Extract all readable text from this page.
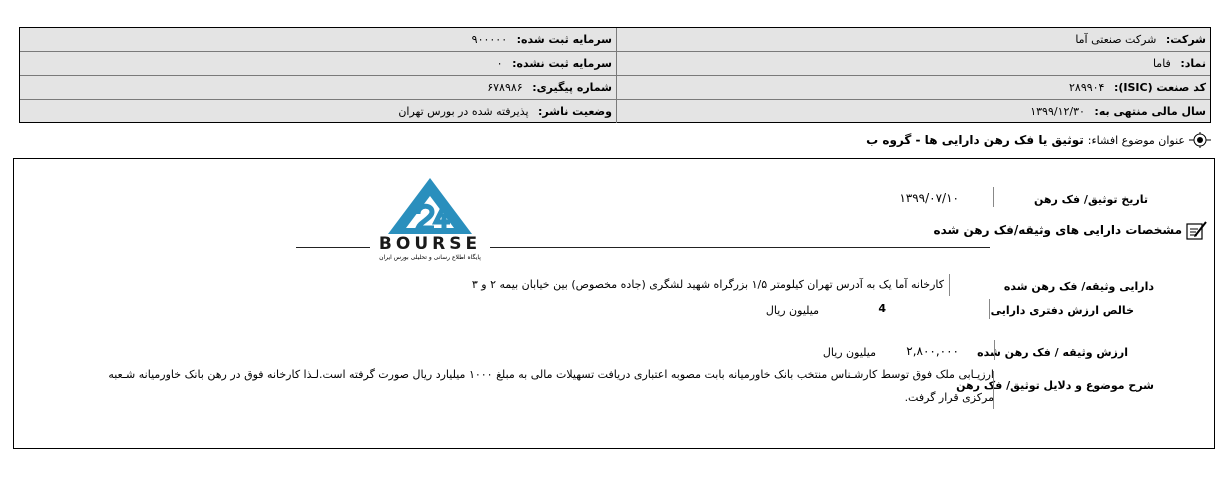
شرکت: شرکت صنعتی آما
سرمایه ثبت شده: ۹۰۰۰۰۰
نماد: فاما
سرمایه ثبت نشده: ۰
کد صنعت (ISIC): ۲۸۹۹۰۴
شماره پیگیری: ۶۷۸۹۸۶
سال مالی منتهی به: ۱۳۹۹/۱۲/۳۰
وضعیت ناشر: پذیرفته شده در بورس تهران
عنوان موضوع افشاء:
توثیق یا فک رهن دارایی ها - گروه ب
تاریخ توثیق/ فک رهن
۱۳۹۹/۰۷/۱۰
مشخصات دارایی های وثیقه/فک رهن شده
دارایی وثیقه/ فک رهن شده
کارخانه آما یک به آدرس تهران کیلومتر ۱/۵ بزرگراه شهید لشگری (جاده مخصوص) بین خیابان بیمه ۲ و ۳
خالص ارزش دفتری دارایی
4
میلیون ریال
ارزش وثیقه / فک رهن شده
۲,۸۰۰,۰۰۰
میلیون ریال
شرح موضوع و دلایل توثیق/ فک رهن
ارزیـابی ملک فوق توسط کارشـناس منتخب بانک خاورمیانه بابت مصوبه اعتباری دریافت تسهیلات مالی به مبلغ ۱۰۰۰ میلیارد ریال صورت گرفته است.لـذا کارخانه فوق در رهن بانک خاورمیانه شـعبه
مرکزی قرار گرفت.
BOURSE
پایگاه اطلاع رسانی و تحلیلی بورس ایران
